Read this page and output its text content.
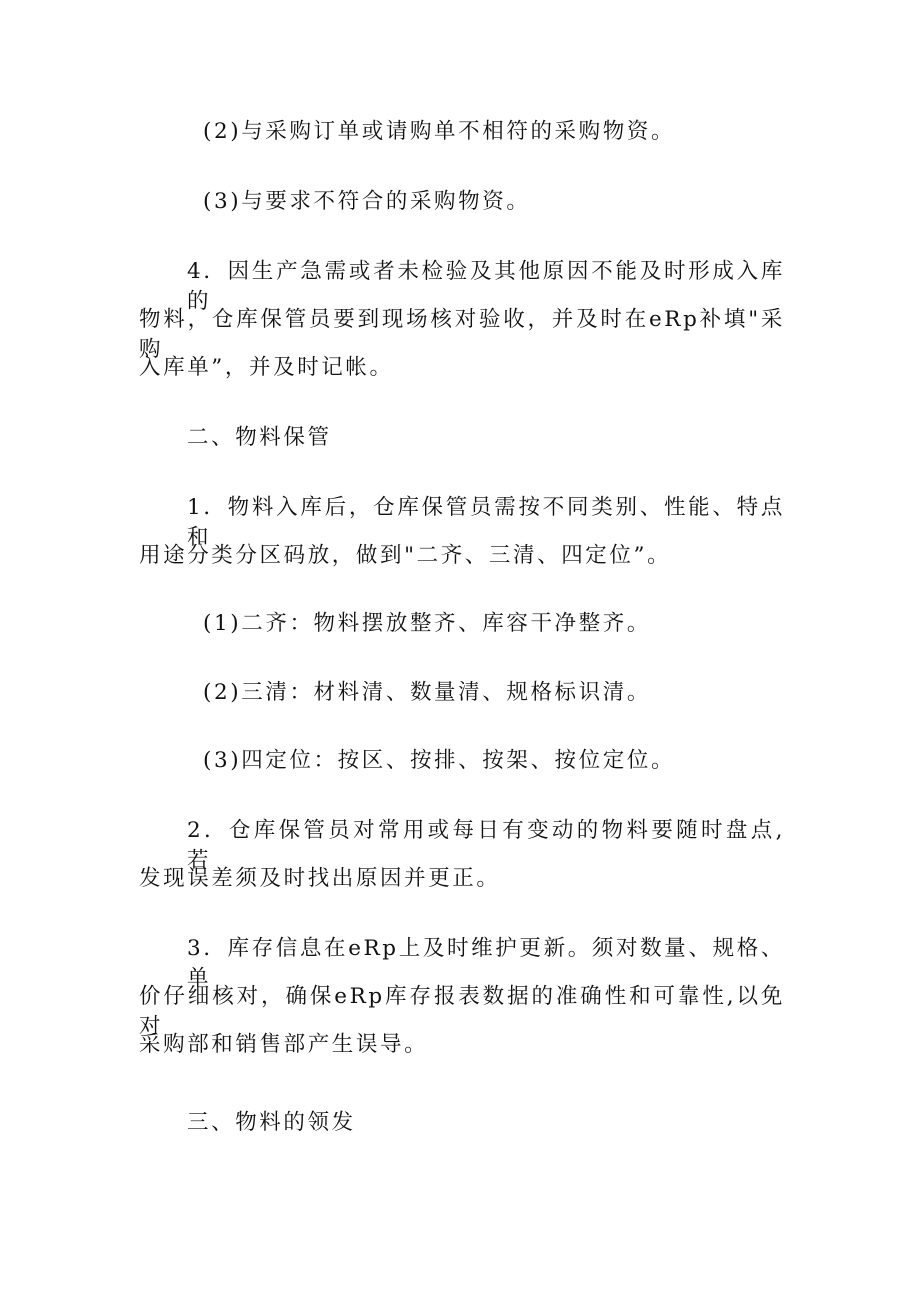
(2)与采购订单或请购单不相符的采购物资。
(3)与要求不符合的采购物资。
4．因生产急需或者未检验及其他原因不能及时形成入库的
物料，仓库保管员要到现场核对验收，并及时在eRp补填"采购
入库单”，并及时记帐。
二、物料保管
1．物料入库后，仓库保管员需按不同类别、性能、特点和
用途分类分区码放，做到"二齐、三清、四定位”。
(1)二齐：物料摆放整齐、库容干净整齐。
(2)三清：材料清、数量清、规格标识清。
(3)四定位：按区、按排、按架、按位定位。
2．仓库保管员对常用或每日有变动的物料要随时盘点,若
发现误差须及时找出原因并更正。
3．库存信息在eRp上及时维护更新。须对数量、规格、单
价仔细核对，确保eRp库存报表数据的准确性和可靠性,以免对
采购部和销售部产生误导。
三、物料的领发
